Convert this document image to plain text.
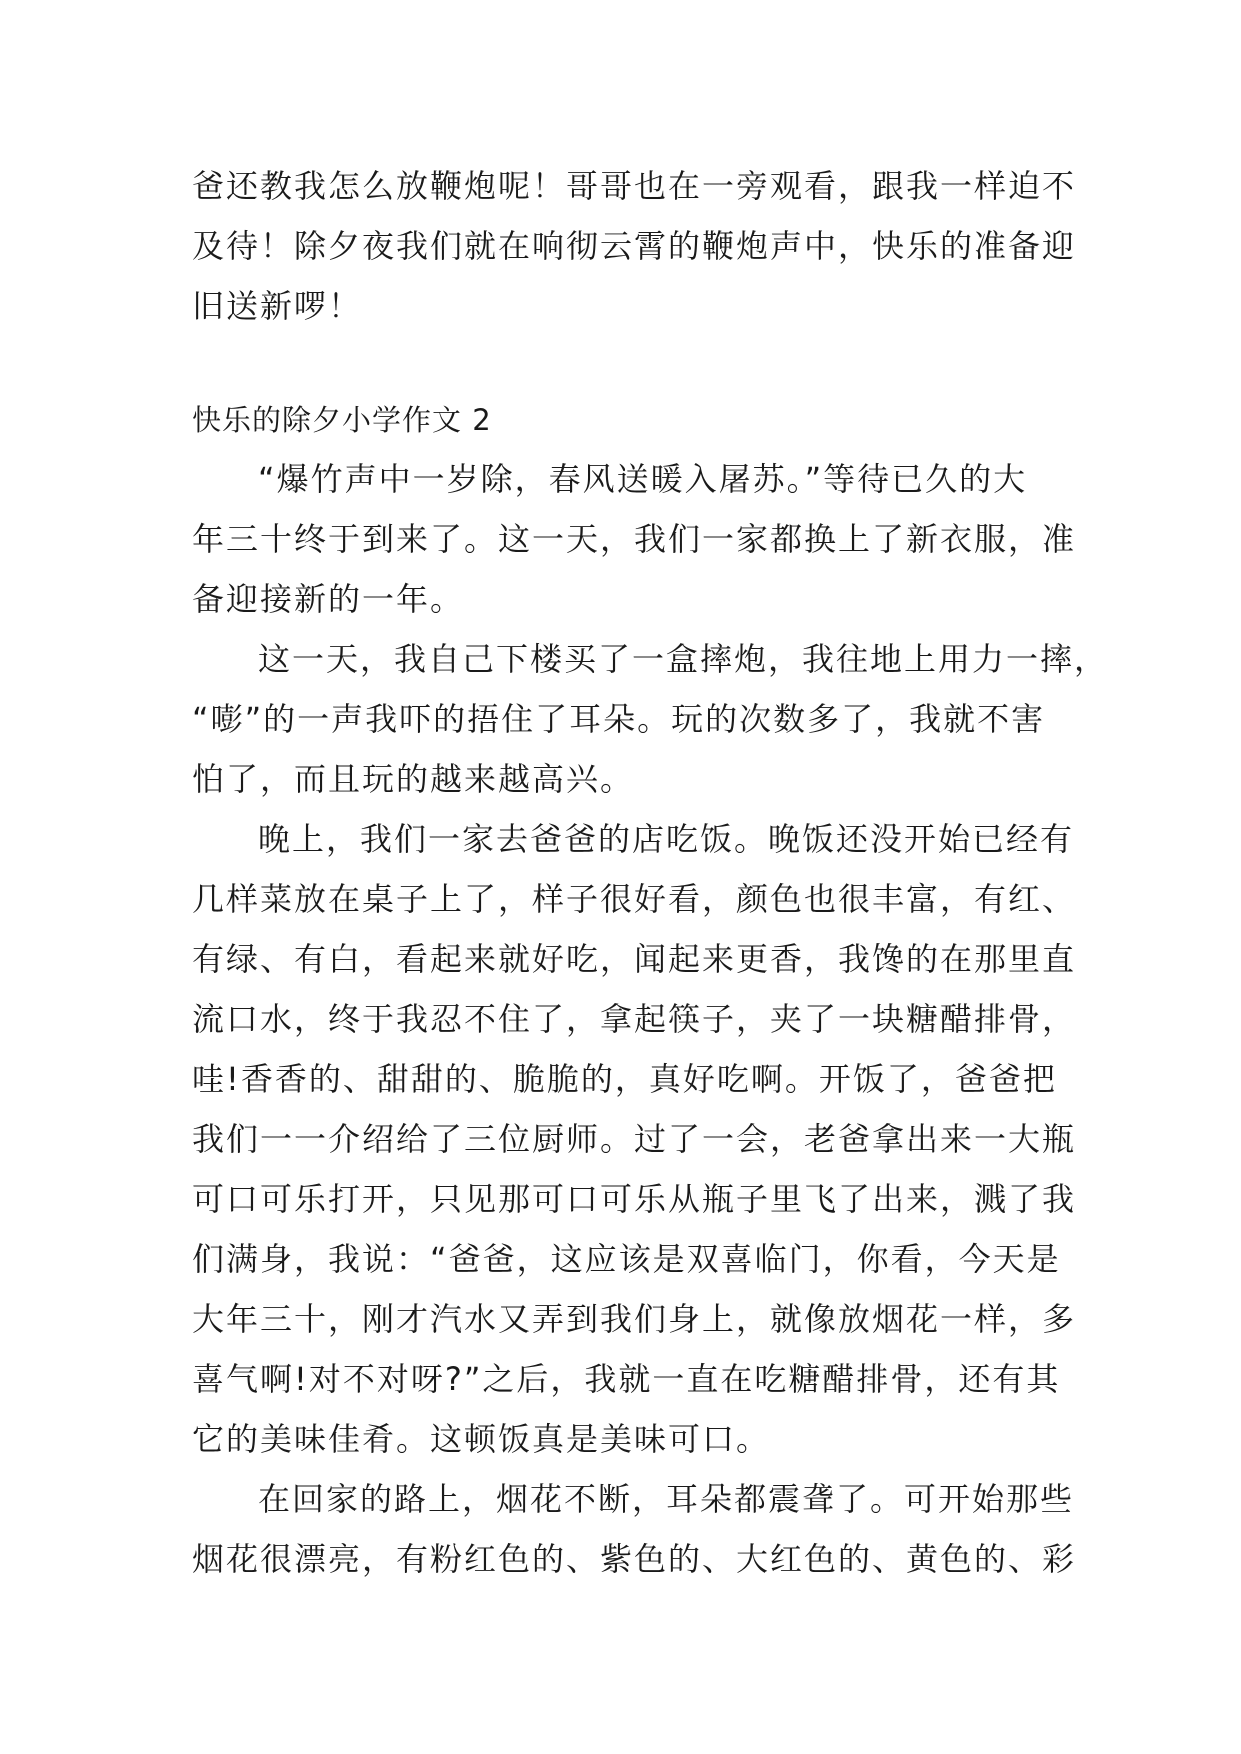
爸还教我怎么放鞭炮呢！哥哥也在一旁观看，跟我一样迫不
及待！除夕夜我们就在响彻云霄的鞭炮声中，快乐的准备迎
旧送新啰！
快乐的除夕小学作文 2
“爆竹声中一岁除，春风送暖入屠苏。”等待已久的大
年三十终于到来了。这一天，我们一家都换上了新衣服，准
备迎接新的一年。
这一天，我自己下楼买了一盒摔炮，我往地上用力一摔，
“嘭”的一声我吓的捂住了耳朵。玩的次数多了，我就不害
怕了，而且玩的越来越高兴。
晚上，我们一家去爸爸的店吃饭。晚饭还没开始已经有
几样菜放在桌子上了，样子很好看，颜色也很丰富，有红、
有绿、有白，看起来就好吃，闻起来更香，我馋的在那里直
流口水，终于我忍不住了，拿起筷子，夹了一块糖醋排骨，
哇!香香的、甜甜的、脆脆的，真好吃啊。开饭了，爸爸把
我们一一介绍给了三位厨师。过了一会，老爸拿出来一大瓶
可口可乐打开，只见那可口可乐从瓶子里飞了出来，溅了我
们满身，我说：“爸爸，这应该是双喜临门，你看，今天是
大年三十，刚才汽水又弄到我们身上，就像放烟花一样，多
喜气啊!对不对呀?”之后，我就一直在吃糖醋排骨，还有其
它的美味佳肴。这顿饭真是美味可口。
在回家的路上，烟花不断，耳朵都震聋了。可开始那些
烟花很漂亮，有粉红色的、紫色的、大红色的、黄色的、彩
